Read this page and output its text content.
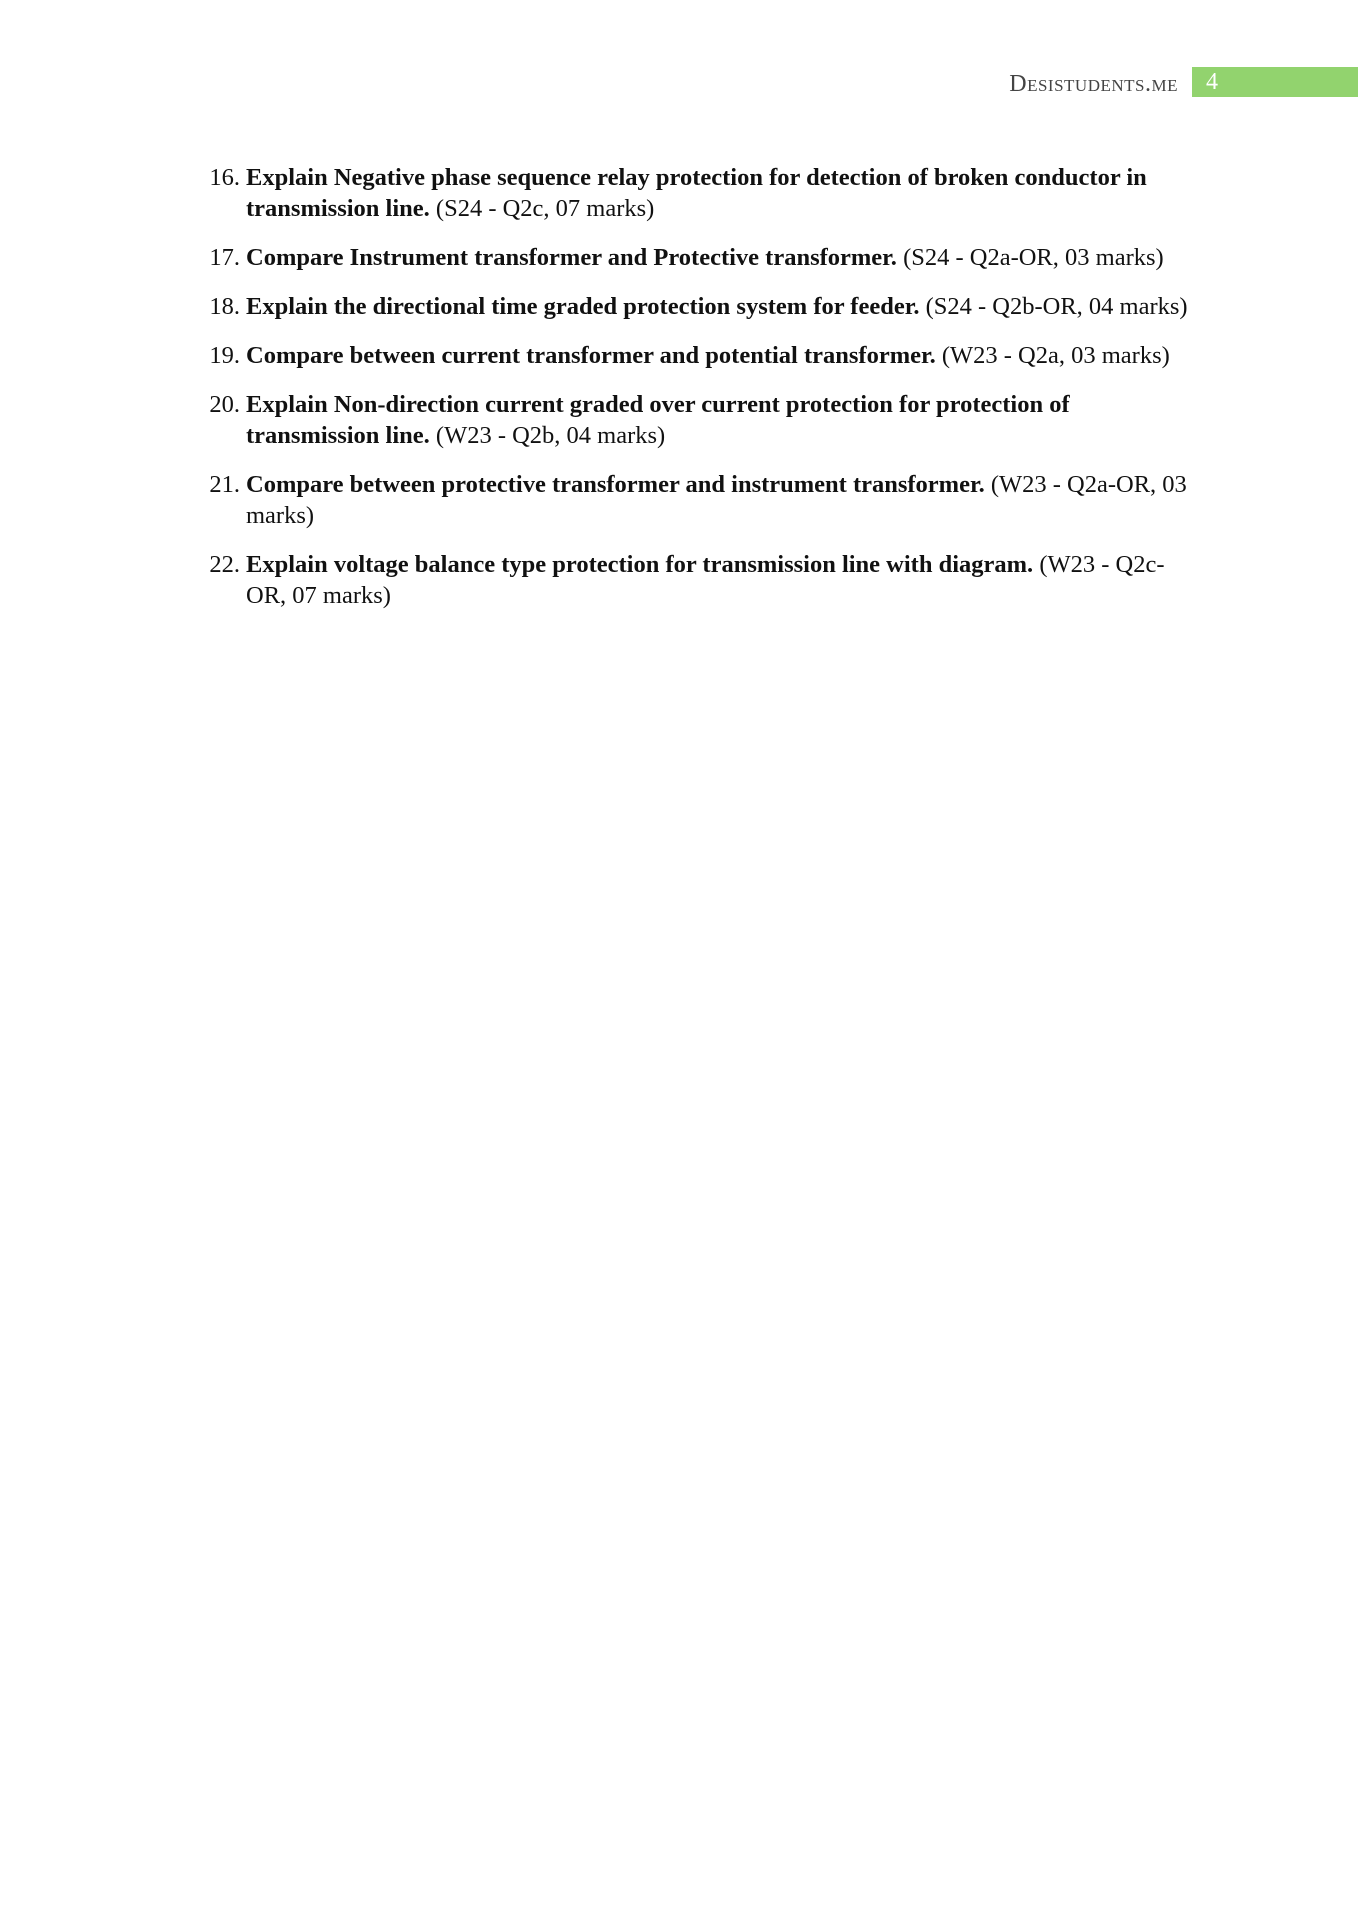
Desistudents.me 4
16. Explain Negative phase sequence relay protection for detection of broken conductor in transmission line. (S24 - Q2c, 07 marks)
17. Compare Instrument transformer and Protective transformer. (S24 - Q2a-OR, 03 marks)
18. Explain the directional time graded protection system for feeder. (S24 - Q2b-OR, 04 marks)
19. Compare between current transformer and potential transformer. (W23 - Q2a, 03 marks)
20. Explain Non-direction current graded over current protection for protection of transmission line. (W23 - Q2b, 04 marks)
21. Compare between protective transformer and instrument transformer. (W23 - Q2a-OR, 03 marks)
22. Explain voltage balance type protection for transmission line with diagram. (W23 - Q2c-OR, 07 marks)
